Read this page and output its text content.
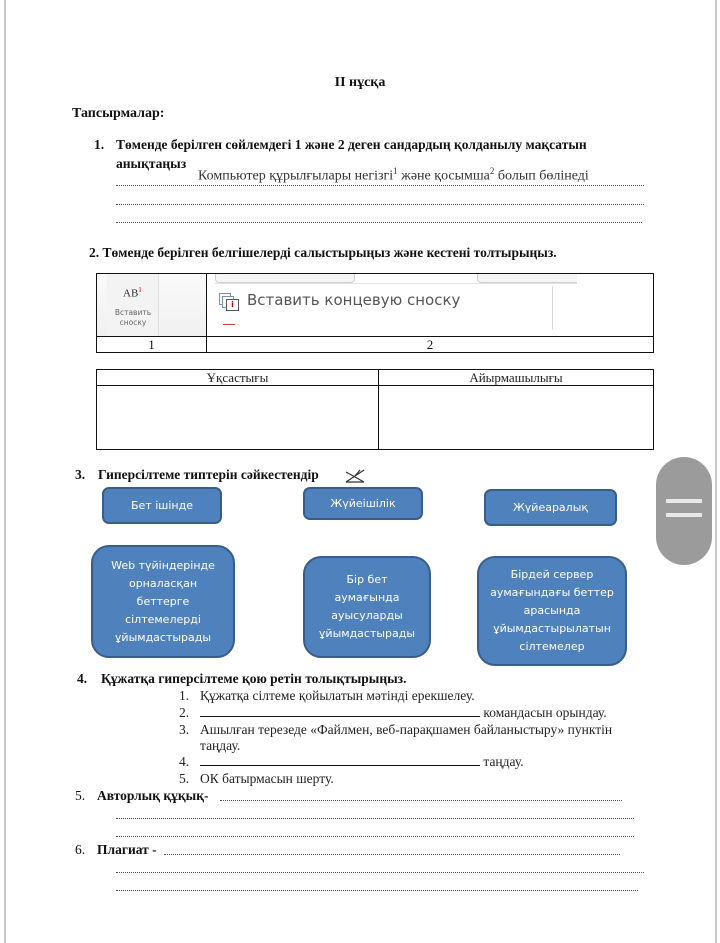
II нұсқа
Тапсырмалар:
1. Төменде берілген сөйлемдегі 1 және 2 деген сандардың қолданылу мақсатын
анықтаңыз
Компьютер құрылғылары негізгі$^1$ және қосымша$^2$ болып бөлінеді
2. Төменде берілген белгішелерді салыстырыңыз және кестені толтырыңыз.
$AB^1$
Вставить
сноску

i Вставить концевую сноску

1	2
Ұқсастығы	Айырмашылығы

3. Гиперсілтеме типтерін сәйкестендір
Бет ішінде	Жүйеішілік	Жүйеаралық
Web түйіндерінде
орналасқан
беттерге
сілтемелерді
ұйымдастырады
Бір бет
аумағында
ауысуларды
ұйымдастырады
Бірдей сервер
аумағындағы беттер
арасында
ұйымдастырылатын
сілтемелер
4. Құжатқа гиперсілтеме қою ретін толықтырыңыз.
1. Құжатқа сілтеме қойылатын мәтінді ерекшелеу.
2.	командасын орындау.
3. Ашылған терезеде «Файлмен, веб-парақшамен байланыстыру» пунктін
таңдау.
4.	таңдау.
5. ОК батырмасын шерту.
5. Авторлық құқық-
6. Плагиат -
